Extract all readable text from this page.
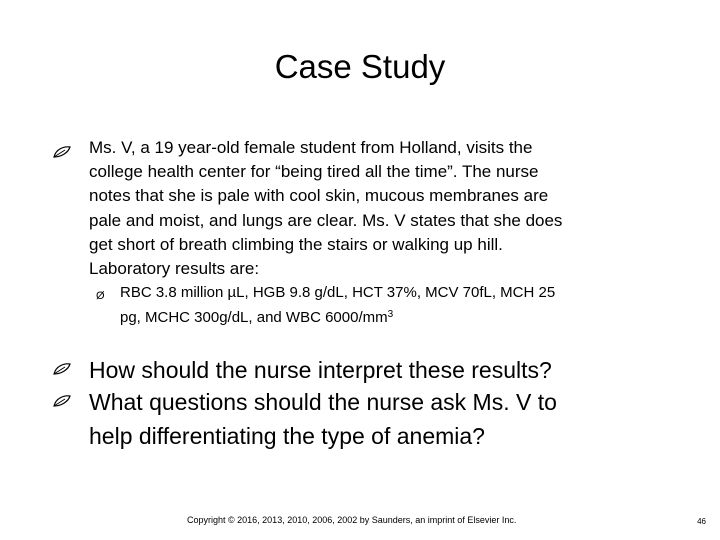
Case Study
Ms. V, a 19 year-old female student from Holland, visits the
college health center for “being tired all the time”. The nurse
notes that she is pale with cool skin, mucous membranes are
pale and moist, and lungs are clear. Ms. V states that she does
get short of breath climbing the stairs or walking up hill.
Laboratory results are:
Ø RBC 3.8 million µL, HGB 9.8 g/dL, HCT 37%, MCV 70fL, MCH 25
pg, MCHC 300g/dL, and WBC $6000/mm^3$
How should the nurse interpret these results?
What questions should the nurse ask Ms. V to
help differentiating the type of anemia?
Copyright © 2016, 2013, 2010, 2006, 2002 by Saunders, an imprint of Elsevier Inc.	46
